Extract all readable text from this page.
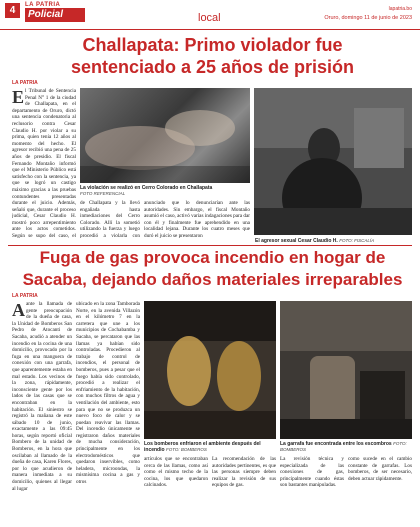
4	LA PATRIA
Policial	local
lapatria.bo
Oruro, domingo 11 de junio de 2023
Challapata: Primo violador fue
sentenciado a 25 años de prisión
LA PATRIA
El Tribunal de Sentencia Penal N° 1 de la ciudad de Challapata, en el departamento de Oruro, dictó una sentencia condenatoria al reclusorio contra Cesar Claudio H. por violar a su prima, quien tenía 12 años al momento del hecho. El agresor recibió una pena de 25 años de presidio. El fiscal Fernando Montaño informó que el Ministerio Público está satisfecho con la sentencia, ya que se logró un castigo máximo gracias a las pruebas contundentes presentadas durante el juicio. Además, señaló que, durante el proceso judicial, Cesar Claudio H. mostró poco arrepentimiento ante los actos cometidos. Según se supo del caso, el
La violación se realizó en Cerro Colorado en Challapata
FOTO REFERENCIAL
de Challapata y la llevó engañada hasta inmediaciones del Cerro Colorado. Allí la sometió utilizando la fuerza y luego procedió a violarla con
anunciado que lo denunciarían ante las autoridades. Sin embargo, el fiscal Montaño asumió el caso, activó varias indagaciones para dar con él y finalmente fue aprehendido en una localidad lejana. Durante los cuatro meses que duró el juicio se presentaron
El agresor sexual Cesar Claudio H. FOTO: FISCALÍA
Fuga de gas provoca incendio en hogar de
Sacaba, dejando daños materiales irreparables
LA PATRIA
Aante la llamada de gente preocupación de la dueña de casa, la Unidad de Bomberos San Pedro de Atocanti de Sacaba, acudió a atender un incendio en la cocina de una domicilio, provocado por la fuga en una manguera de conexión con una garrafa, que aparentemente estaba en mal estado. Los vecinos de la zona, rápidamente, inconsciente gente por los lados de las casas que se encontraban en la habitación. El siniestro se registró la mañana de este sábado 10 de junio, exactamente a las 09:45 horas, según reportó oficial Bombero de la unidad de Bomberos, en la hora que oscilaban al llamado de la dueña de casa, Karen Flores, por lo que acudieron de manera inmediata a su domicilio, quienes al llegar al lugar
ubicado en la zona Tamborada Norte, en la avenida Villazón en el kilómetro 7 en la carretera que une a los municipios de Cochabamba y Sacaba, se percataron que las llamas ya habían sido controladas. Procedieron al trabajo de control de incendios, el personal de bomberos, pues a pesar que el fuego había sido controlado, procedió a realizar el enfriamiento de la habitación, con muchos filtros de agua y ventilación del ambiente, esto para que no se produzca un nuevo foco de calor y se puedan reavivar las llamas. Del incendio únicamente se registraron daños materiales de mucha consideración, principalmente en los electrodomésticos que quedaron inservibles, como heladera, microondas, la mismísima cocina a gas y otros
Los bomberos enfriaron el ambiente después del incendio FOTO: BOMBEROS
artículos que se encontraban cerca de las llamas, como así como el mismo techo de la cocina, los que quedaron calcinados.
La recomendación de las autoridades pertinentes, es que las personas siempre deben realizar la revisión de sus equipos de gas.
La garrafa fue encontrada entre los escombros FOTO: BOMBEROS
La revisión técnica y especializada de las conexiones de gas, principalmente cuando éstas son bastantes manipuladas.
como sucede en el cambio constante de garrafas. Los bomberos, de ser necesario, deben actuar rápidamente.
